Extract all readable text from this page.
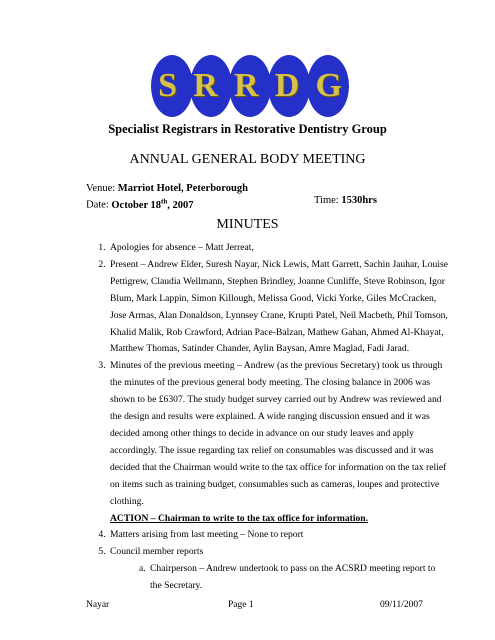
S R R D G
Specialist Registrars in Restorative Dentistry Group
ANNUAL GENERAL BODY MEETING
Venue: Marriot Hotel, Peterborough
Date: October 18th, 2007	Time: 1530hrs
MINUTES
1. Apologies for absence – Matt Jerreat,
2. Present – Andrew Elder, Suresh Nayar, Nick Lewis, Matt Garrett, Sachin Jauhar, Louise Pettigrew, Claudia Wellmann, Stephen Brindley, Joanne Cunliffe, Steve Robinson, Igor Blum, Mark Lappin, Simon Killough, Melissa Good, Vicki Yorke, Giles McCracken, Jose Armas, Alan Donaldson, Lynnsey Crane, Krupti Patel, Neil Macbeth, Phil Tomson, Khalid Malik, Rob Crawford, Adrian Pace-Balzan, Mathew Gahan, Ahmed Al-Khayat, Matthew Thomas, Satinder Chander, Aylin Baysan, Amre Maglad, Fadi Jarad.
3. Minutes of the previous meeting – Andrew (as the previous Secretary) took us through the minutes of the previous general body meeting. The closing balance in 2006 was shown to be £6307. The study budget survey carried out by Andrew was reviewed and the design and results were explained. A wide ranging discussion ensued and it was decided among other things to decide in advance on our study leaves and apply accordingly. The issue regarding tax relief on consumables was discussed and it was decided that the Chairman would write to the tax office for information on the tax relief on items such as training budget, consumables such as cameras, loupes and protective clothing.
ACTION – Chairman to write to the tax office for information.
4. Matters arising from last meeting – None to report
5. Council member reports
a. Chairperson – Andrew undertook to pass on the ACSRD meeting report to the Secretary.
Nayar	Page 1	09/11/2007
